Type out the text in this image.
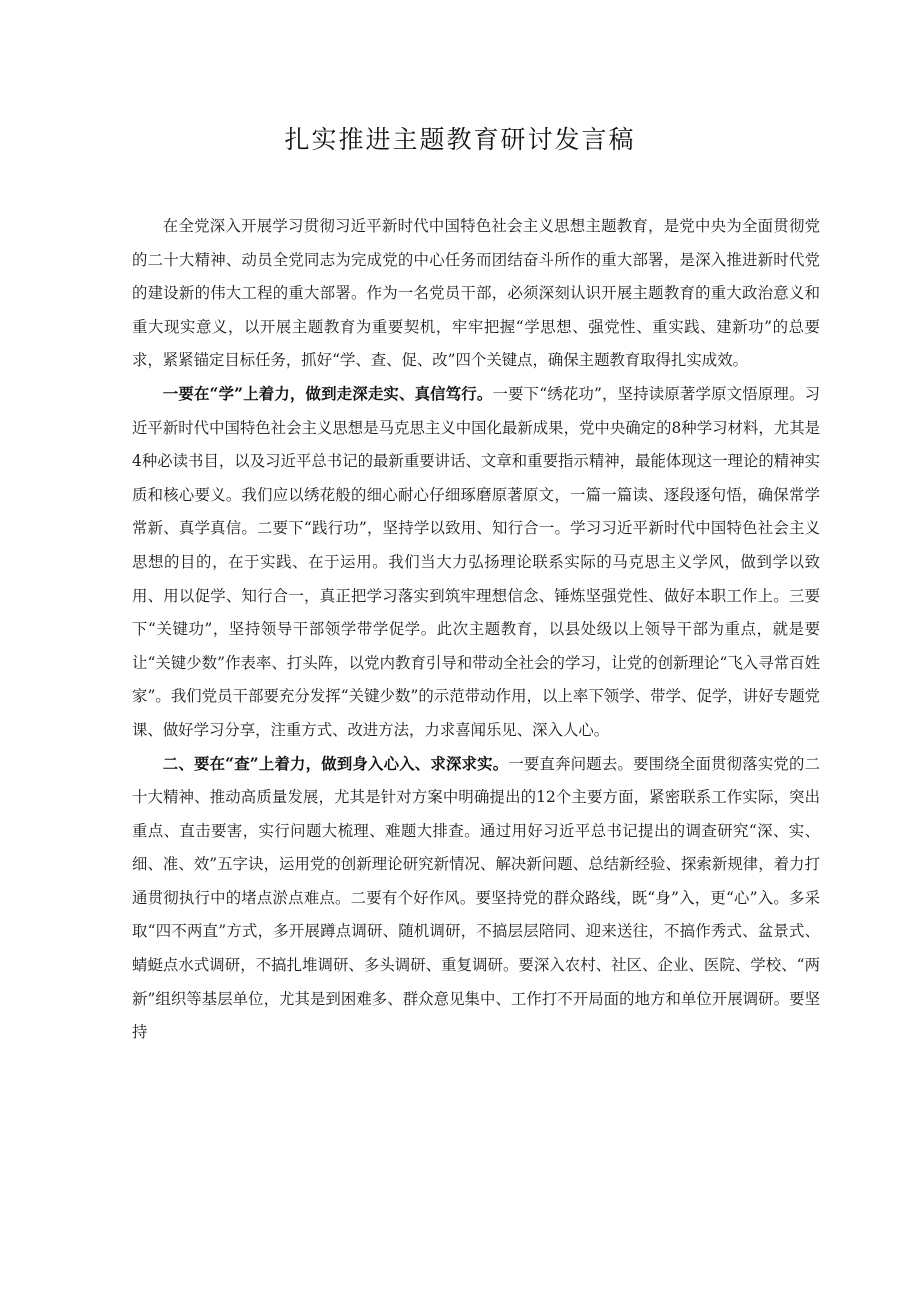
扎实推进主题教育研讨发言稿

在全党深入开展学习贯彻习近平新时代中国特色社会主义思想主题教育，是党中央为全面贯彻党的二十大精神、动员全党同志为完成党的中心任务而团结奋斗所作的重大部署，是深入推进新时代党的建设新的伟大工程的重大部署。作为一名党员干部，必须深刻认识开展主题教育的重大政治意义和重大现实意义，以开展主题教育为重要契机，牢牢把握“学思想、强党性、重实践、建新功”的总要求，紧紧锚定目标任务，抓好“学、查、促、改”四个关键点，确保主题教育取得扎实成效。

一要在“学”上着力，做到走深走实、真信笃行。一要下“绣花功”，坚持读原著学原文悟原理。习近平新时代中国特色社会主义思想是马克思主义中国化最新成果，党中央确定的8种学习材料，尤其是4种必读书目，以及习近平总书记的最新重要讲话、文章和重要指示精神，最能体现这一理论的精神实质和核心要义。我们应以绣花般的细心耐心仔细琢磨原著原文，一篇一篇读、逐段逐句悟，确保常学常新、真学真信。二要下“践行功”，坚持学以致用、知行合一。学习习近平新时代中国特色社会主义思想的目的，在于实践、在于运用。我们当大力弘扬理论联系实际的马克思主义学风，做到学以致用、用以促学、知行合一，真正把学习落实到筑牢理想信念、锤炼坚强党性、做好本职工作上。三要下“关键功”，坚持领导干部领学带学促学。此次主题教育，以县处级以上领导干部为重点，就是要让“关键少数”作表率、打头阵，以党内教育引导和带动全社会的学习，让党的创新理论“飞入寻常百姓家”。我们党员干部要充分发挥“关键少数”的示范带动作用，以上率下领学、带学、促学，讲好专题党课、做好学习分享，注重方式、改进方法，力求喜闻乐见、深入人心。

二、要在“查”上着力，做到身入心入、求深求实。一要直奔问题去。要围绕全面贯彻落实党的二十大精神、推动高质量发展，尤其是针对方案中明确提出的12个主要方面，紧密联系工作实际，突出重点、直击要害，实行问题大梳理、难题大排查。通过用好习近平总书记提出的调查研究“深、实、细、准、效”五字诀，运用党的创新理论研究新情况、解决新问题、总结新经验、探索新规律，着力打通贯彻执行中的堵点淤点难点。二要有个好作风。要坚持党的群众路线，既“身”入，更“心”入。多采取“四不两直”方式，多开展蹲点调研、随机调研，不搞层层陪同、迎来送往，不搞作秀式、盆景式、蜻蜓点水式调研，不搞扎堆调研、多头调研、重复调研。要深入农村、社区、企业、医院、学校、“两新”组织等基层单位，尤其是到困难多、群众意见集中、工作打不开局面的地方和单位开展调研。要坚持
